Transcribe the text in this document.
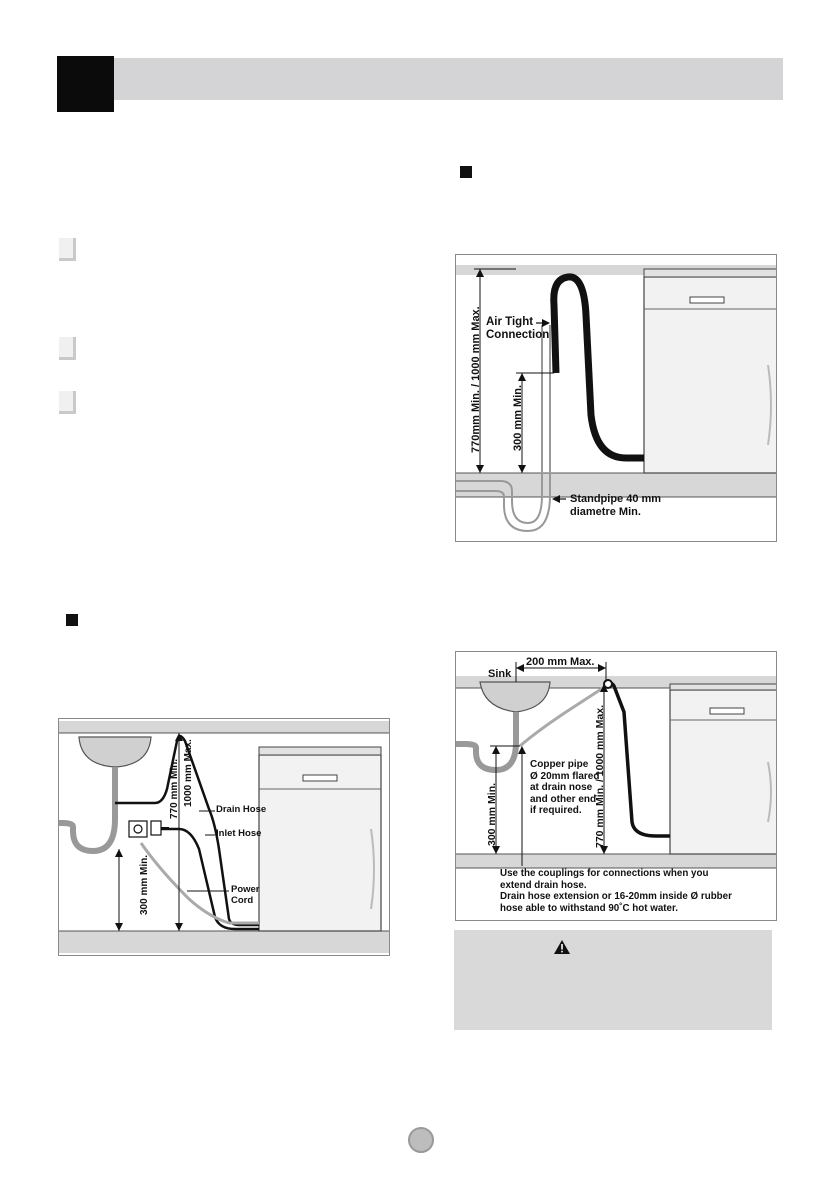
770mm Min. / 1000 mm Max.	300 mm Min.
Air Tight
Connection
Standpipe 40 mm
diametre Min.
Sink
200 mm Max.
Copper pipe
Ø 20mm flared
at drain nose
and other end
if required.	770 mm Min. / 1000 mm Max.
300 mm Min.
Use the couplings for connections when you
extend drain hose.
Drain hose extension or 16-20mm inside Ø rubber
hose able to withstand 90˚C hot water.
770 mm Min. 1000 mm Max.
Drain Hose
Inlet Hose
Power
Cord
300 mm Min.
